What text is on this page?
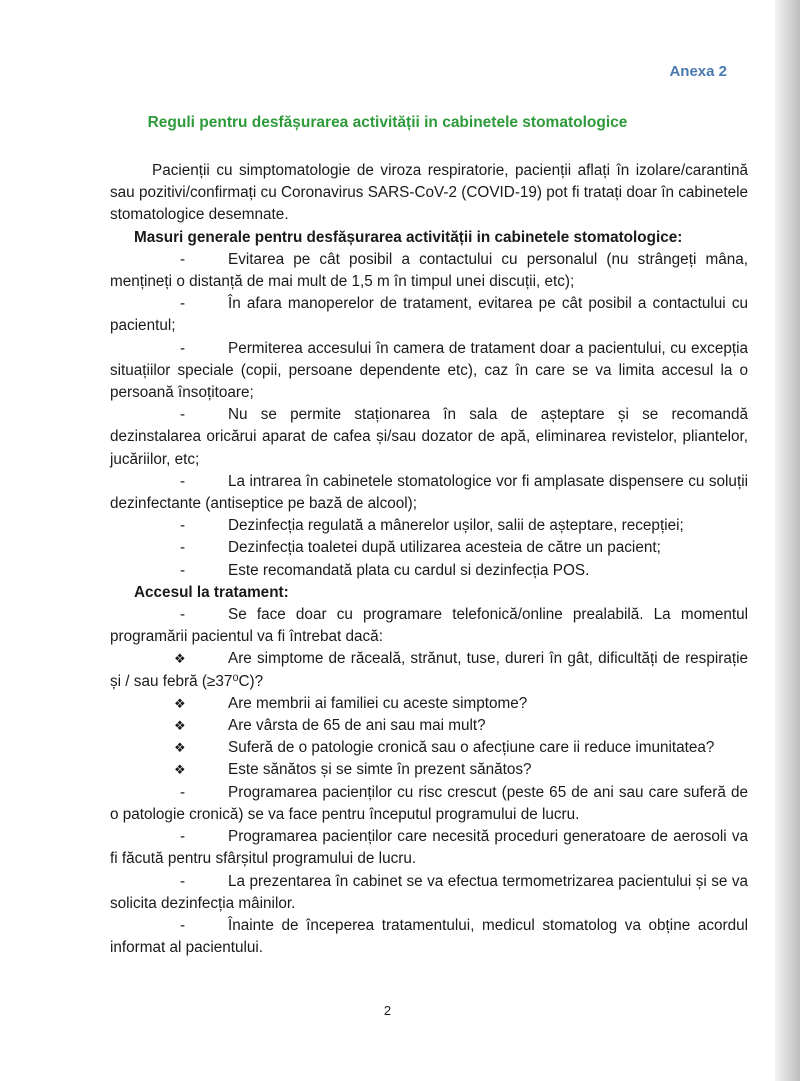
Anexa 2
Reguli pentru desfășurarea activității in cabinetele stomatologice

Pacienții cu simptomatologie de viroza respiratorie, pacienții aflați în izolare/carantină sau pozitivi/confirmați cu Coronavirus SARS-CoV-2 (COVID-19) pot fi tratați doar în cabinetele stomatologice desemnate.

Masuri generale pentru desfășurarea activității in cabinetele stomatologice:

-	Evitarea pe cât posibil a contactului cu personalul (nu strângeți mâna, mențineți o distanță de mai mult de 1,5 m în timpul unei discuții, etc);

-	În afara manoperelor de tratament, evitarea pe cât posibil a contactului cu pacientul;

-	Permiterea accesului în camera de tratament doar a pacientului, cu excepția situațiilor speciale (copii, persoane dependente etc), caz în care se va limita accesul la o persoană însoțitoare;

-	Nu se permite staționarea în sala de așteptare și se recomandă dezinstalarea oricărui aparat de cafea și/sau dozator de apă, eliminarea revistelor, pliantelor, jucăriilor, etc;

-	La intrarea în cabinetele stomatologice vor fi amplasate dispensere cu soluții dezinfectante (antiseptice pe bază de alcool);

-	Dezinfecția regulată a mânerelor ușilor, salii de așteptare, recepției;

-	Dezinfecția toaletei după utilizarea acesteia de către un pacient;

-	Este recomandată plata cu cardul si dezinfecția POS.

Accesul la tratament:

-	Se face doar cu programare telefonică/online prealabilă. La momentul programării pacientul va fi întrebat dacă:

❖	Are simptome de răceală, strănut, tuse, dureri în gât, dificultăți de respirație și / sau febră (≥37⁰C)?

❖	Are membrii ai familiei cu aceste simptome?

❖	Are vârsta de 65 de ani sau mai mult?

❖	Suferă de o patologie cronică sau o afecțiune care ii reduce imunitatea?

❖	Este sănătos și se simte în prezent sănătos?

-	Programarea pacienților cu risc crescut (peste 65 de ani sau care suferă de o patologie cronică) se va face pentru începutul programului de lucru.

-	Programarea pacienților care necesită proceduri generatoare de aerosoli va fi făcută pentru sfârșitul programului de lucru.

-	La prezentarea în cabinet se va efectua termometrizarea pacientului și se va solicita dezinfecția mâinilor.

-	Înainte de începerea tratamentului, medicul stomatolog va obține acordul informat al pacientului.

2
